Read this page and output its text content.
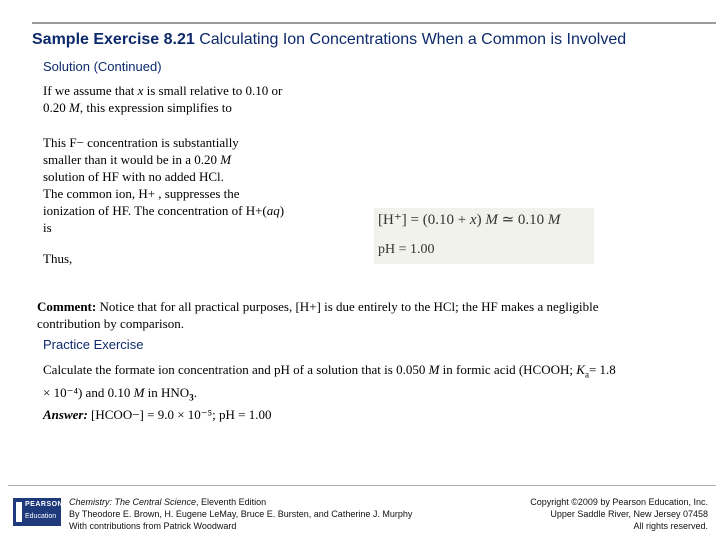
Sample Exercise 8.21 Calculating Ion Concentrations When a Common is Involved
Solution (Continued)
If we assume that x is small relative to 0.10 or
0.20 M, this expression simplifies to
This F− concentration is substantially
smaller than it would be in a 0.20 M
solution of HF with no added HCl.
The common ion, H+ , suppresses the
ionization of HF. The concentration of H+(aq)
is
Thus,
[H⁺] = (0.10 + x) M ≃ 0.10 M
pH = 1.00
Comment: Notice that for all practical purposes, [H+] is due entirely to the HCl; the HF makes a negligible
contribution by comparison.
Practice Exercise
Calculate the formate ion concentration and pH of a solution that is 0.050 M in formic acid (HCOOH; $K_a= 1.8$
× 10⁻⁴) and 0.10 M in $HNO_3$.
Answer: [HCOO−] = 9.0 × 10⁻⁵; pH = 1.00
PEARSON
Education
Chemistry: The Central Science, Eleventh Edition
By Theodore E. Brown, H. Eugene LeMay, Bruce E. Bursten, and Catherine J. Murphy
With contributions from Patrick Woodward
Copyright ©2009 by Pearson Education, Inc.
Upper Saddle River, New Jersey 07458
All rights reserved.
